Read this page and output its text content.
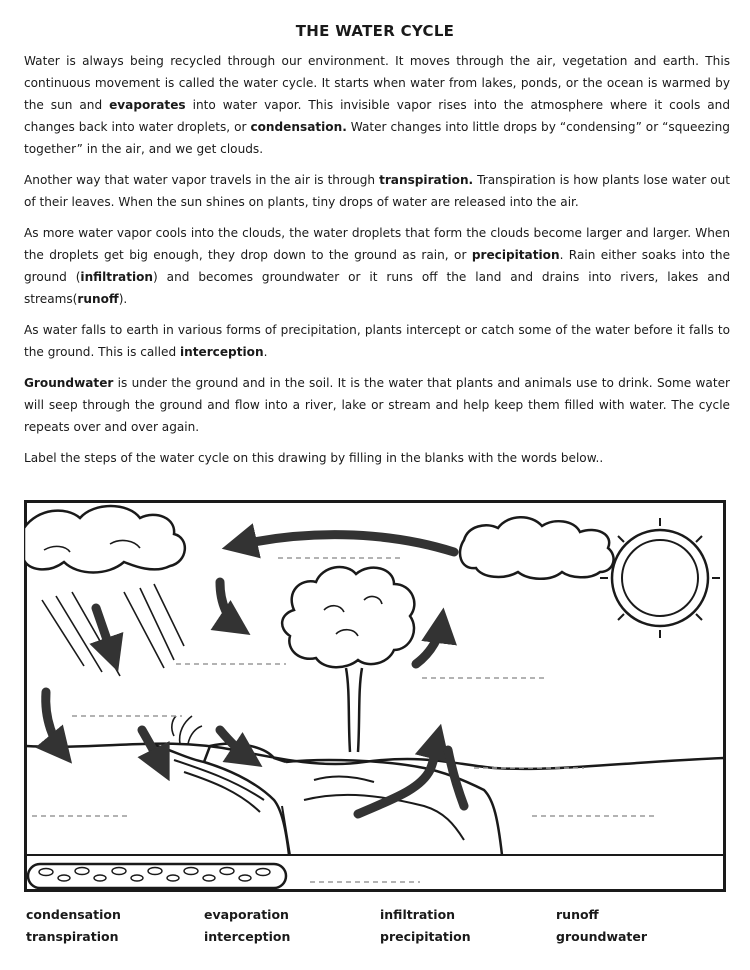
THE WATER CYCLE

Water is always being recycled through our environment. It moves through the air, vegetation and earth. This continuous movement is called the water cycle. It starts when water from lakes, ponds, or the ocean is warmed by the sun and evaporates into water vapor. This invisible vapor rises into the atmosphere where it cools and changes back into water droplets, or condensation. Water changes into little drops by “condensing” or “squeezing together” in the air, and we get clouds.

Another way that water vapor travels in the air is through transpiration. Transpiration is how plants lose water out of their leaves. When the sun shines on plants, tiny drops of water are released into the air.

As more water vapor cools into the clouds, the water droplets that form the clouds become larger and larger. When the droplets get big enough, they drop down to the ground as rain, or precipitation. Rain either soaks into the ground (infiltration) and becomes groundwater or it runs off the land and drains into rivers, lakes and streams(runoff).

As water falls to earth in various forms of precipitation, plants intercept or catch some of the water before it falls to the ground. This is called interception.

Groundwater is under the ground and in the soil. It is the water that plants and animals use to drink. Some water will seep through the ground and flow into a river, lake or stream and help keep them filled with water. The cycle repeats over and over again.

Label the steps of the water cycle on this drawing by filling in the blanks with the words below..

condensation
transpiration
evaporation
interception
infiltration
precipitation
runoff
groundwater
